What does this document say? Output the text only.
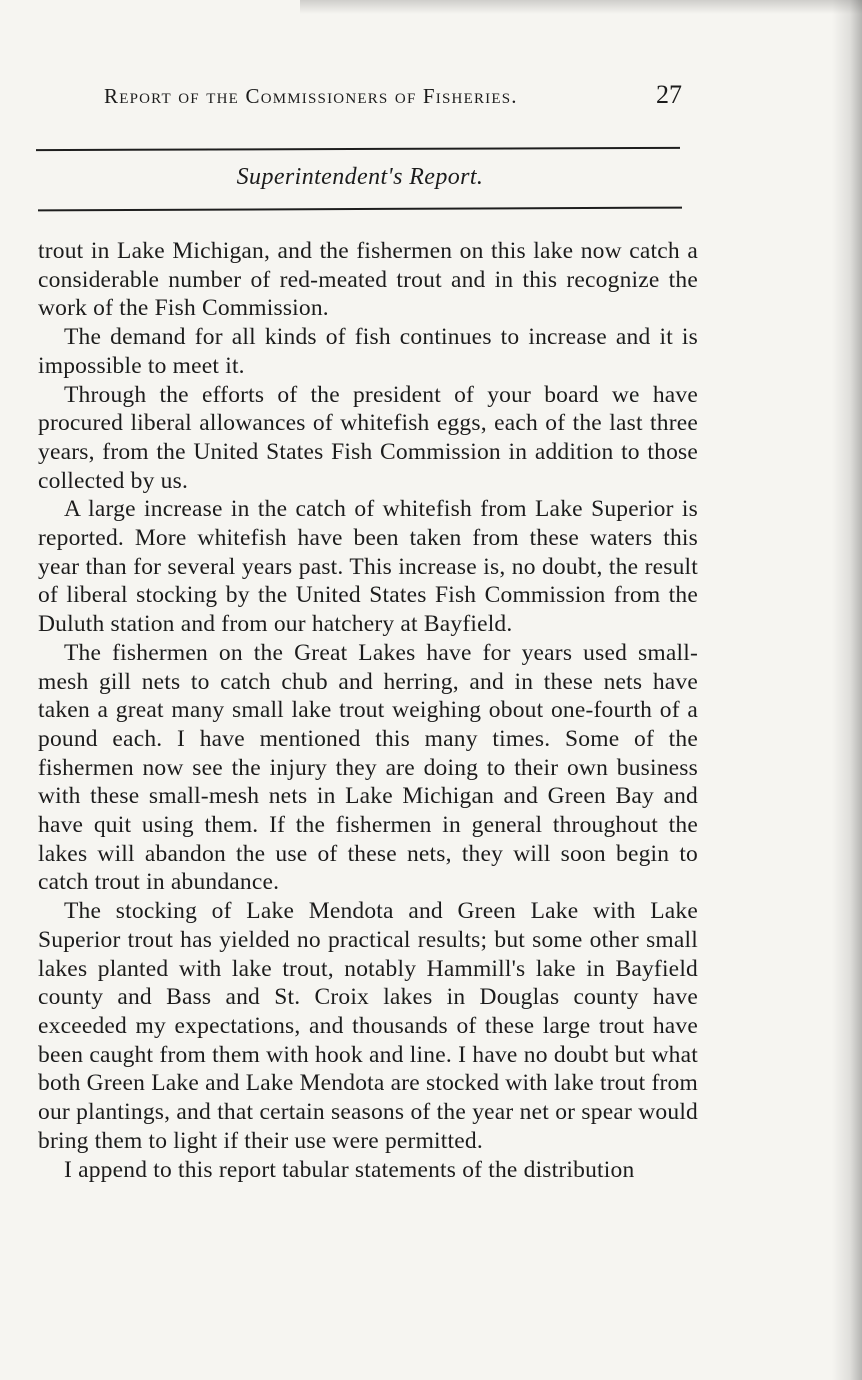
Report of the Commissioners of Fisheries.	27
Superintendent's Report.

trout in Lake Michigan, and the fishermen on this lake now catch a considerable number of red-meated trout and in this recognize the work of the Fish Commission.

The demand for all kinds of fish continues to increase and it is impossible to meet it.

Through the efforts of the president of your board we have procured liberal allowances of whitefish eggs, each of the last three years, from the United States Fish Commission in addition to those collected by us.

A large increase in the catch of whitefish from Lake Superior is reported. More whitefish have been taken from these waters this year than for several years past. This increase is, no doubt, the result of liberal stocking by the United States Fish Commission from the Duluth station and from our hatchery at Bayfield.

The fishermen on the Great Lakes have for years used small-mesh gill nets to catch chub and herring, and in these nets have taken a great many small lake trout weighing obout one-fourth of a pound each. I have mentioned this many times. Some of the fishermen now see the injury they are doing to their own business with these small-mesh nets in Lake Michigan and Green Bay and have quit using them. If the fishermen in general throughout the lakes will abandon the use of these nets, they will soon begin to catch trout in abundance.

The stocking of Lake Mendota and Green Lake with Lake Superior trout has yielded no practical results; but some other small lakes planted with lake trout, notably Hammill's lake in Bayfield county and Bass and St. Croix lakes in Douglas county have exceeded my expectations, and thousands of these large trout have been caught from them with hook and line. I have no doubt but what both Green Lake and Lake Mendota are stocked with lake trout from our plantings, and that certain seasons of the year net or spear would bring them to light if their use were permitted.

I append to this report tabular statements of the distribution
